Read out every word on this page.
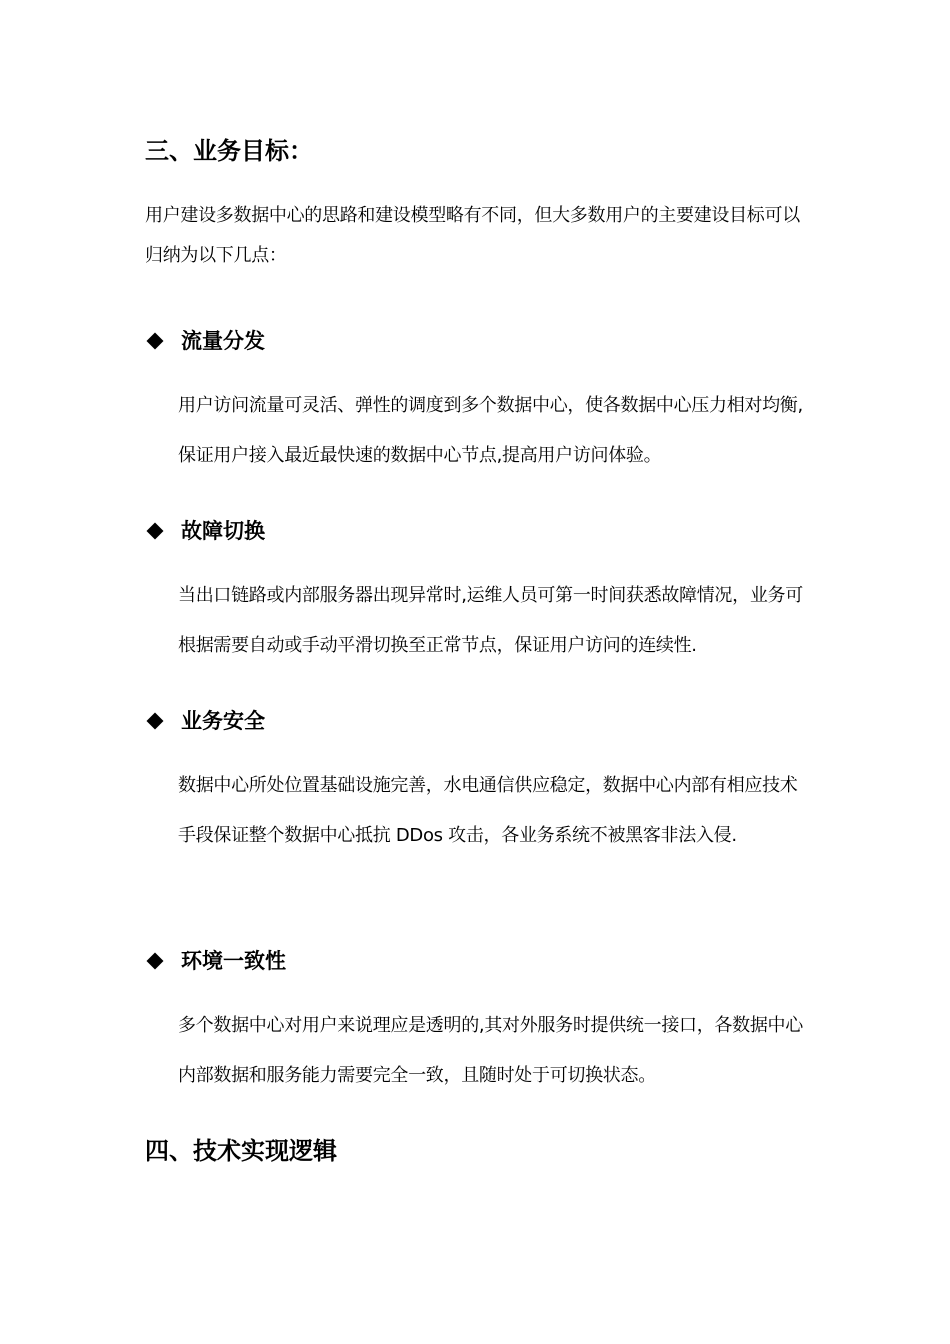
三、业务目标：

用户建设多数据中心的思路和建设模型略有不同，但大多数用户的主要建设目标可以归纳为以下几点：

流量分发

用户访问流量可灵活、弹性的调度到多个数据中心，使各数据中心压力相对均衡,保证用户接入最近最快速的数据中心节点,提高用户访问体验。

故障切换

当出口链路或内部服务器出现异常时,运维人员可第一时间获悉故障情况，业务可根据需要自动或手动平滑切换至正常节点，保证用户访问的连续性.

业务安全

数据中心所处位置基础设施完善，水电通信供应稳定，数据中心内部有相应技术手段保证整个数据中心抵抗 DDos 攻击，各业务系统不被黑客非法入侵.

环境一致性

多个数据中心对用户来说理应是透明的,其对外服务时提供统一接口，各数据中心内部数据和服务能力需要完全一致，且随时处于可切换状态。

四、技术实现逻辑
